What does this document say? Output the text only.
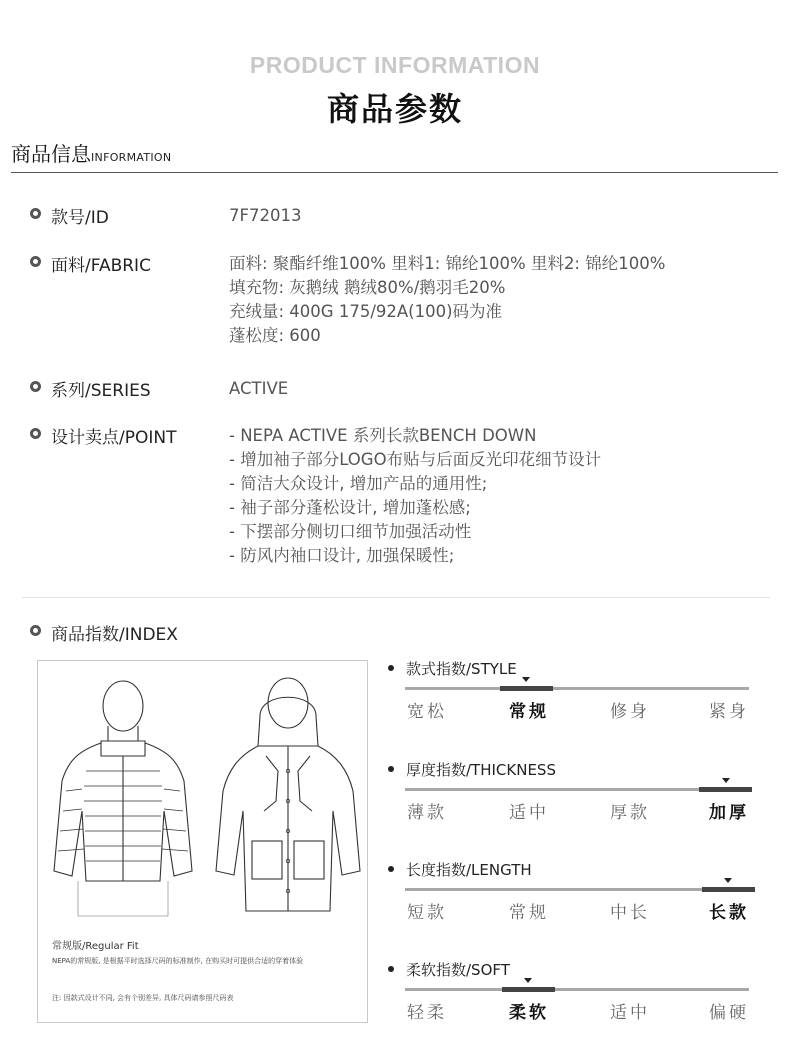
PRODUCT INFORMATION
商品参数
商品信息INFORMATION
款号/ID	7F72013
面料/FABRIC	面料: 聚酯纤维100% 里料1: 锦纶100% 里料2: 锦纶100%
填充物: 灰鹅绒 鹅绒80%/鹅羽毛20%
充绒量: 400G 175/92A(100)码为准
蓬松度: 600
系列/SERIES	ACTIVE
设计卖点/POINT	- NEPA ACTIVE 系列长款BENCH DOWN
- 增加袖子部分LOGO布贴与后面反光印花细节设计
- 简洁大众设计, 增加产品的通用性;
- 袖子部分蓬松设计, 增加蓬松感;
- 下摆部分侧切口细节加强活动性
- 防风内袖口设计, 加强保暖性;
商品指数/INDEX
常规版/Regular Fit
NEPA的常规版, 是根据平时选择尺码的标准制作, 在购买时可提供合适的穿着体验
注: 因款式设计不同, 会有个别差异, 具体尺码请参照尺码表
款式指数/STYLE
宽松	常规	修身	紧身
厚度指数/THICKNESS
薄款	适中	厚款	加厚
长度指数/LENGTH
短款	常规	中长	长款
柔软指数/SOFT
轻柔	柔软	适中	偏硬
